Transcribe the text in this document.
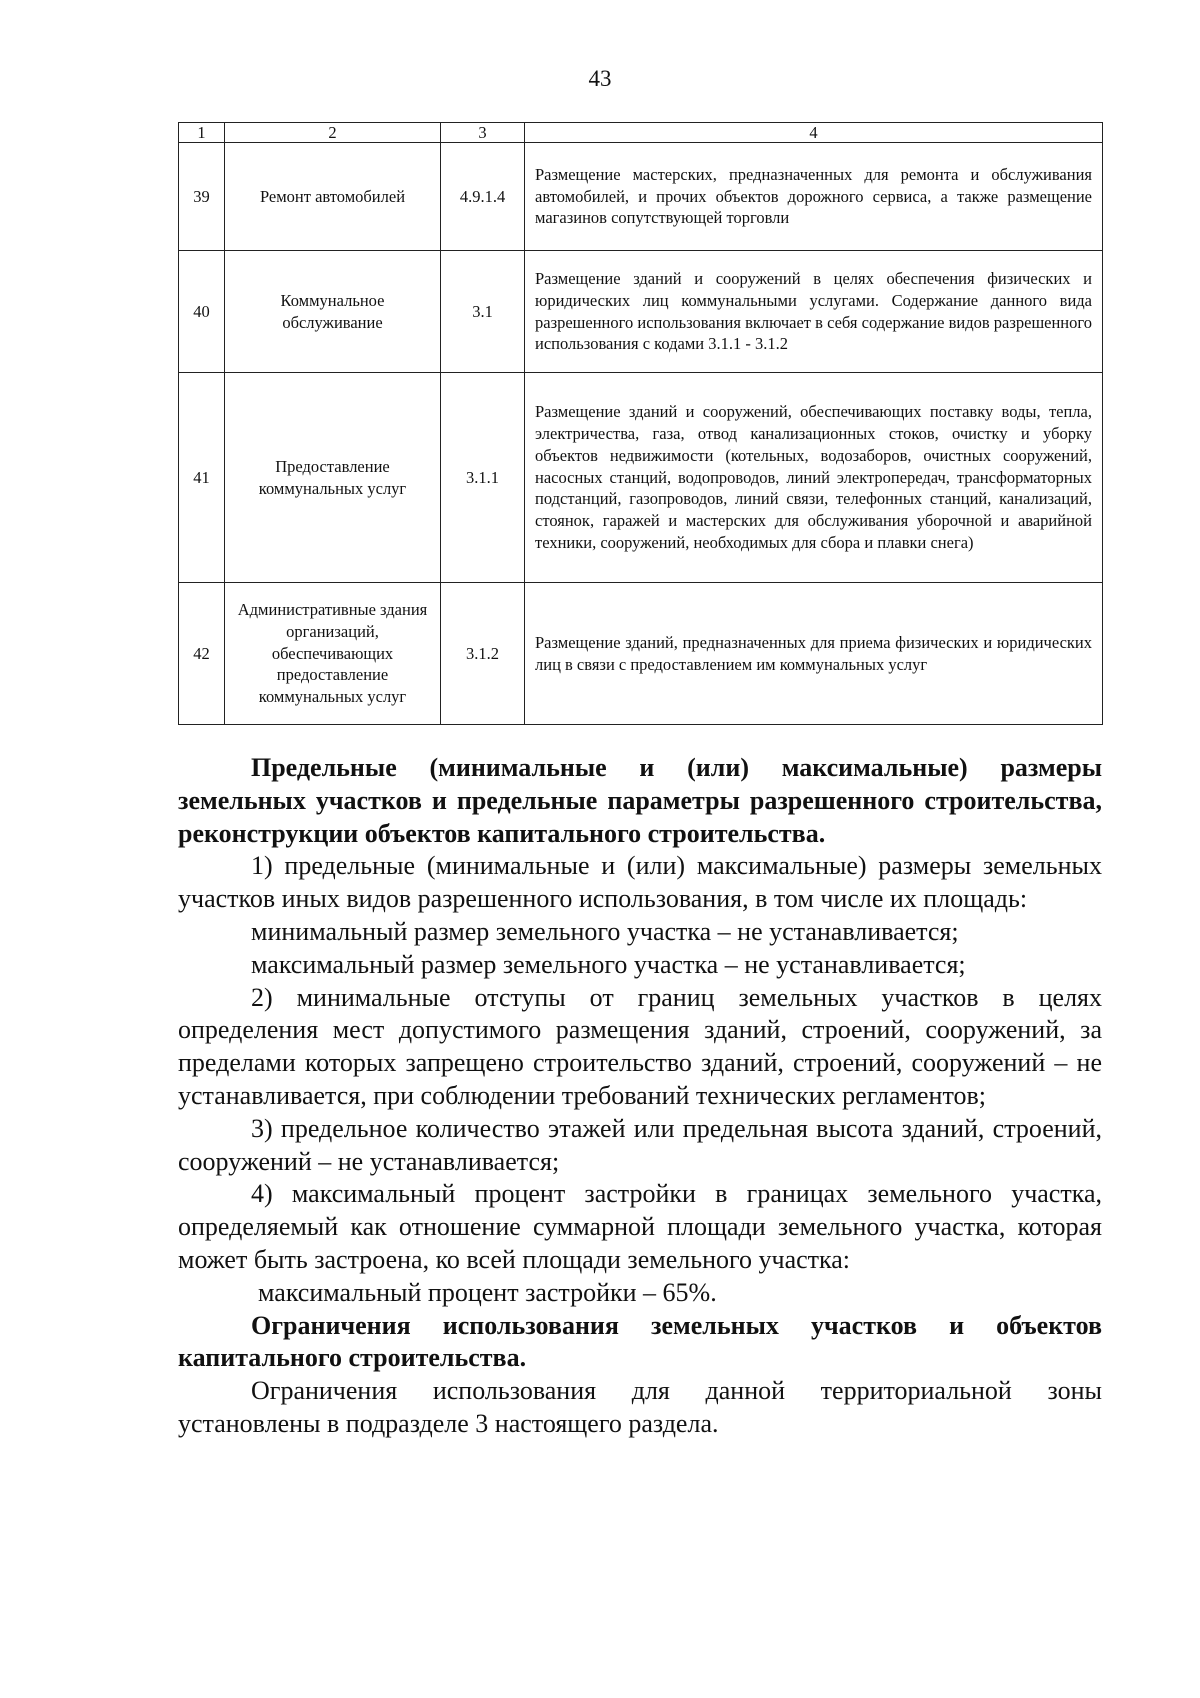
43
1	2	3	4
39	Ремонт автомобилей	4.9.1.4	Размещение мастерских, предназначенных для ремонта и обслуживания автомобилей, и прочих объектов дорожного сервиса, а также размещение магазинов сопутствующей торговли
40	Коммунальное обслуживание	3.1	Размещение зданий и сооружений в целях обеспечения физических и юридических лиц коммунальными услугами. Содержание данного вида разрешенного использования включает в себя содержание видов разрешенного использования с кодами 3.1.1 - 3.1.2
41	Предоставление коммунальных услуг	3.1.1	Размещение зданий и сооружений, обеспечивающих поставку воды, тепла, электричества, газа, отвод канализационных стоков, очистку и уборку объектов недвижимости (котельных, водозаборов, очистных сооружений, насосных станций, водопроводов, линий электропередач, трансформаторных подстанций, газопроводов, линий связи, телефонных станций, канализаций, стоянок, гаражей и мастерских для обслуживания уборочной и аварийной техники, сооружений, необходимых для сбора и плавки снега)
42	Административные здания организаций, обеспечивающих предоставление коммунальных услуг	3.1.2	Размещение зданий, предназначенных для приема физических и юридических лиц в связи с предоставлением им коммунальных услуг

Предельные (минимальные и (или) максимальные) размеры земельных участков и предельные параметры разрешенного строительства, реконструкции объектов капитального строительства.

1) предельные (минимальные и (или) максимальные) размеры земельных участков иных видов разрешенного использования, в том числе их площадь:

минимальный размер земельного участка – не устанавливается;

максимальный размер земельного участка – не устанавливается;

2) минимальные отступы от границ земельных участков в целях определения мест допустимого размещения зданий, строений, сооружений, за пределами которых запрещено строительство зданий, строений, сооружений – не устанавливается, при соблюдении требований технических регламентов;

3) предельное количество этажей или предельная высота зданий, строений, сооружений – не устанавливается;

4) максимальный процент застройки в границах земельного участка, определяемый как отношение суммарной площади земельного участка, которая может быть застроена, ко всей площади земельного участка:

максимальный процент застройки – 65%.

Ограничения использования земельных участков и объектов капитального строительства.

Ограничения использования для данной территориальной зоны установлены в подразделе 3 настоящего раздела.
